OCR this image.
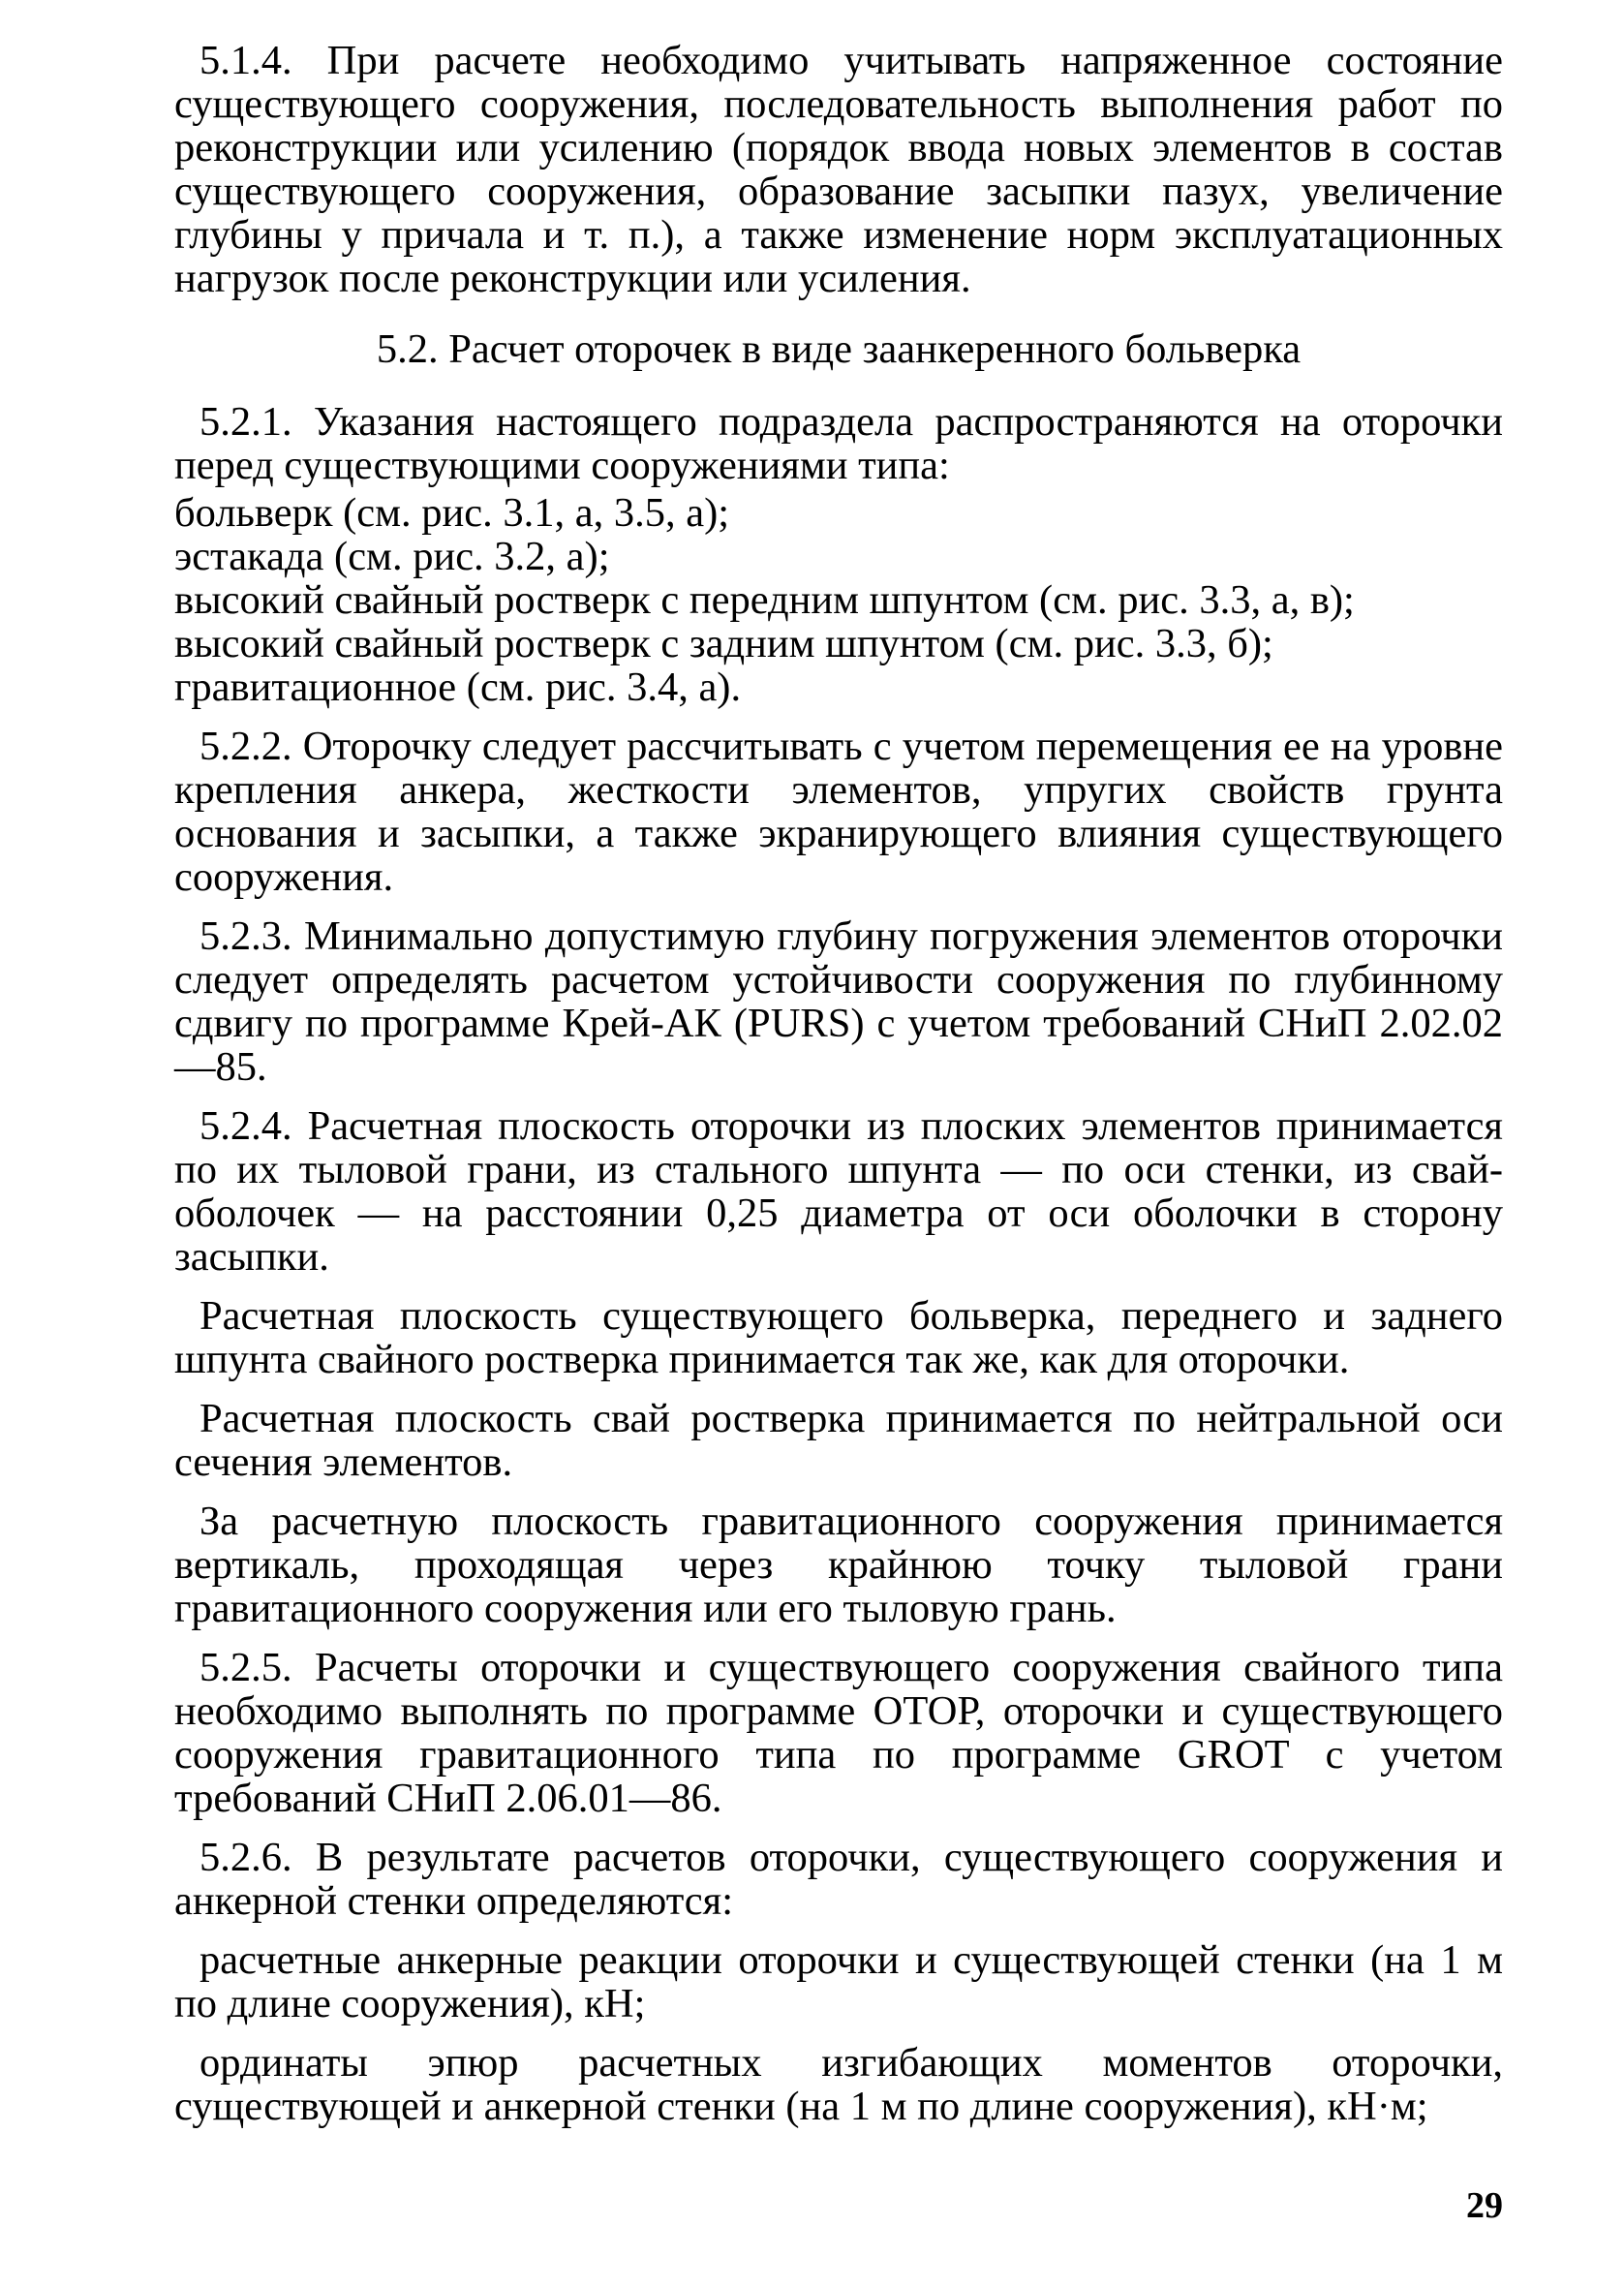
5.1.4. При расчете необходимо учитывать напряженное состояние существующего сооружения, последовательность выполнения работ по реконструкции или усилению (порядок ввода новых элементов в состав существующего сооружения, образование засыпки пазух, увеличение глубины у причала и т. п.), а также изменение норм эксплуатационных нагрузок после реконструкции или усиления.

5.2. Расчет оторочек в виде заанкеренного больверка

5.2.1. Указания настоящего подраздела распространяются на оторочки перед существующими сооружениями типа:

больверк (см. рис. 3.1, а, 3.5, а);

эстакада (см. рис. 3.2, а);

высокий свайный ростверк с передним шпунтом (см. рис. 3.3, а, в);

высокий свайный ростверк с задним шпунтом (см. рис. 3.3, б);

гравитационное (см. рис. 3.4, а).

5.2.2. Оторочку следует рассчитывать с учетом перемещения ее на уровне крепления анкера, жесткости элементов, упругих свойств грунта основания и засыпки, а также экранирующего влияния существующего сооружения.

5.2.3. Минимально допустимую глубину погружения элементов оторочки следует определять расчетом устойчивости сооружения по глубинному сдвигу по программе Крей-АК (PURS) с учетом требований СНиП 2.02.02—85.

5.2.4. Расчетная плоскость оторочки из плоских элементов принимается по их тыловой грани, из стального шпунта — по оси стенки, из свай-оболочек — на расстоянии 0,25 диаметра от оси оболочки в сторону засыпки.

Расчетная плоскость существующего больверка, переднего и заднего шпунта свайного ростверка принимается так же, как для оторочки.

Расчетная плоскость свай ростверка принимается по нейтральной оси сечения элементов.

За расчетную плоскость гравитационного сооружения принимается вертикаль, проходящая через крайнюю точку тыловой грани гравитационного сооружения или его тыловую грань.

5.2.5. Расчеты оторочки и существующего сооружения свайного типа необходимо выполнять по программе ОТОР, оторочки и существующего сооружения гравитационного типа по программе GROT с учетом требований СНиП 2.06.01—86.

5.2.6. В результате расчетов оторочки, существующего сооружения и анкерной стенки определяются:

расчетные анкерные реакции оторочки и существующей стенки (на 1 м по длине сооружения), кН;

ординаты эпюр расчетных изгибающих моментов оторочки, существующей и анкерной стенки (на 1 м по длине сооружения), кН·м;

29
